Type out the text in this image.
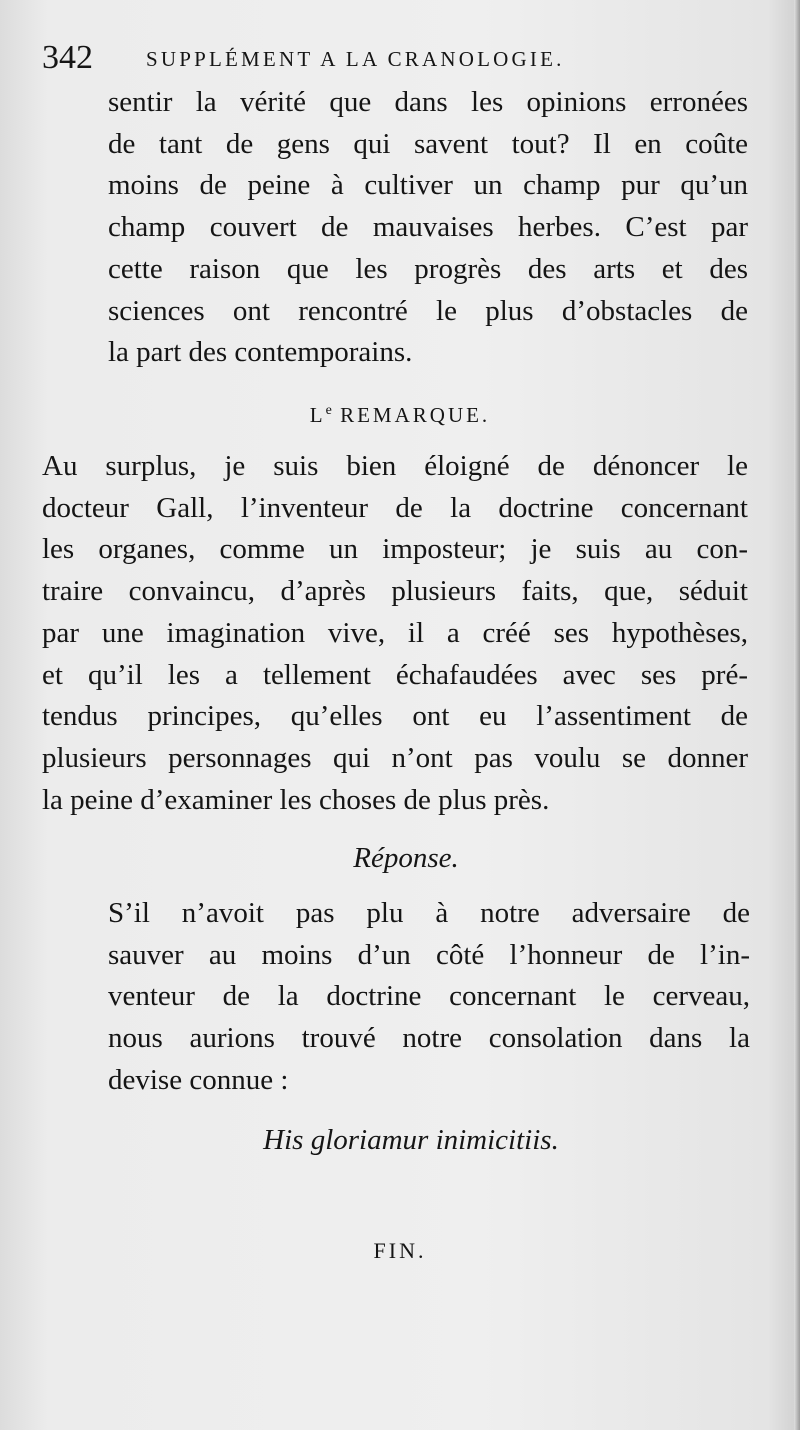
342	SUPPLÉMENT A LA CRANOLOGIE.
sentir la vérité que dans les opinions erronées
de tant de gens qui savent tout? Il en coûte
moins de peine à cultiver un champ pur qu’un
champ couvert de mauvaises herbes. C’est par
cette raison que les progrès des arts et des
sciences ont rencontré le plus d’obstacles de
la part des contemporains.
Le REMARQUE.
Au surplus, je suis bien éloigné de dénoncer le
docteur Gall, l’inventeur de la doctrine concernant
les organes, comme un imposteur; je suis au con-
traire convaincu, d’après plusieurs faits, que, séduit
par une imagination vive, il a créé ses hypothèses,
et qu’il les a tellement échafaudées avec ses pré-
tendus principes, qu’elles ont eu l’assentiment de
plusieurs personnages qui n’ont pas voulu se donner
la peine d’examiner les choses de plus près.
Réponse.
S’il n’avoit pas plu à notre adversaire de
sauver au moins d’un côté l’honneur de l’in-
venteur de la doctrine concernant le cerveau,
nous aurions trouvé notre consolation dans la
devise connue :
His gloriamur inimicitiis.
FIN.
